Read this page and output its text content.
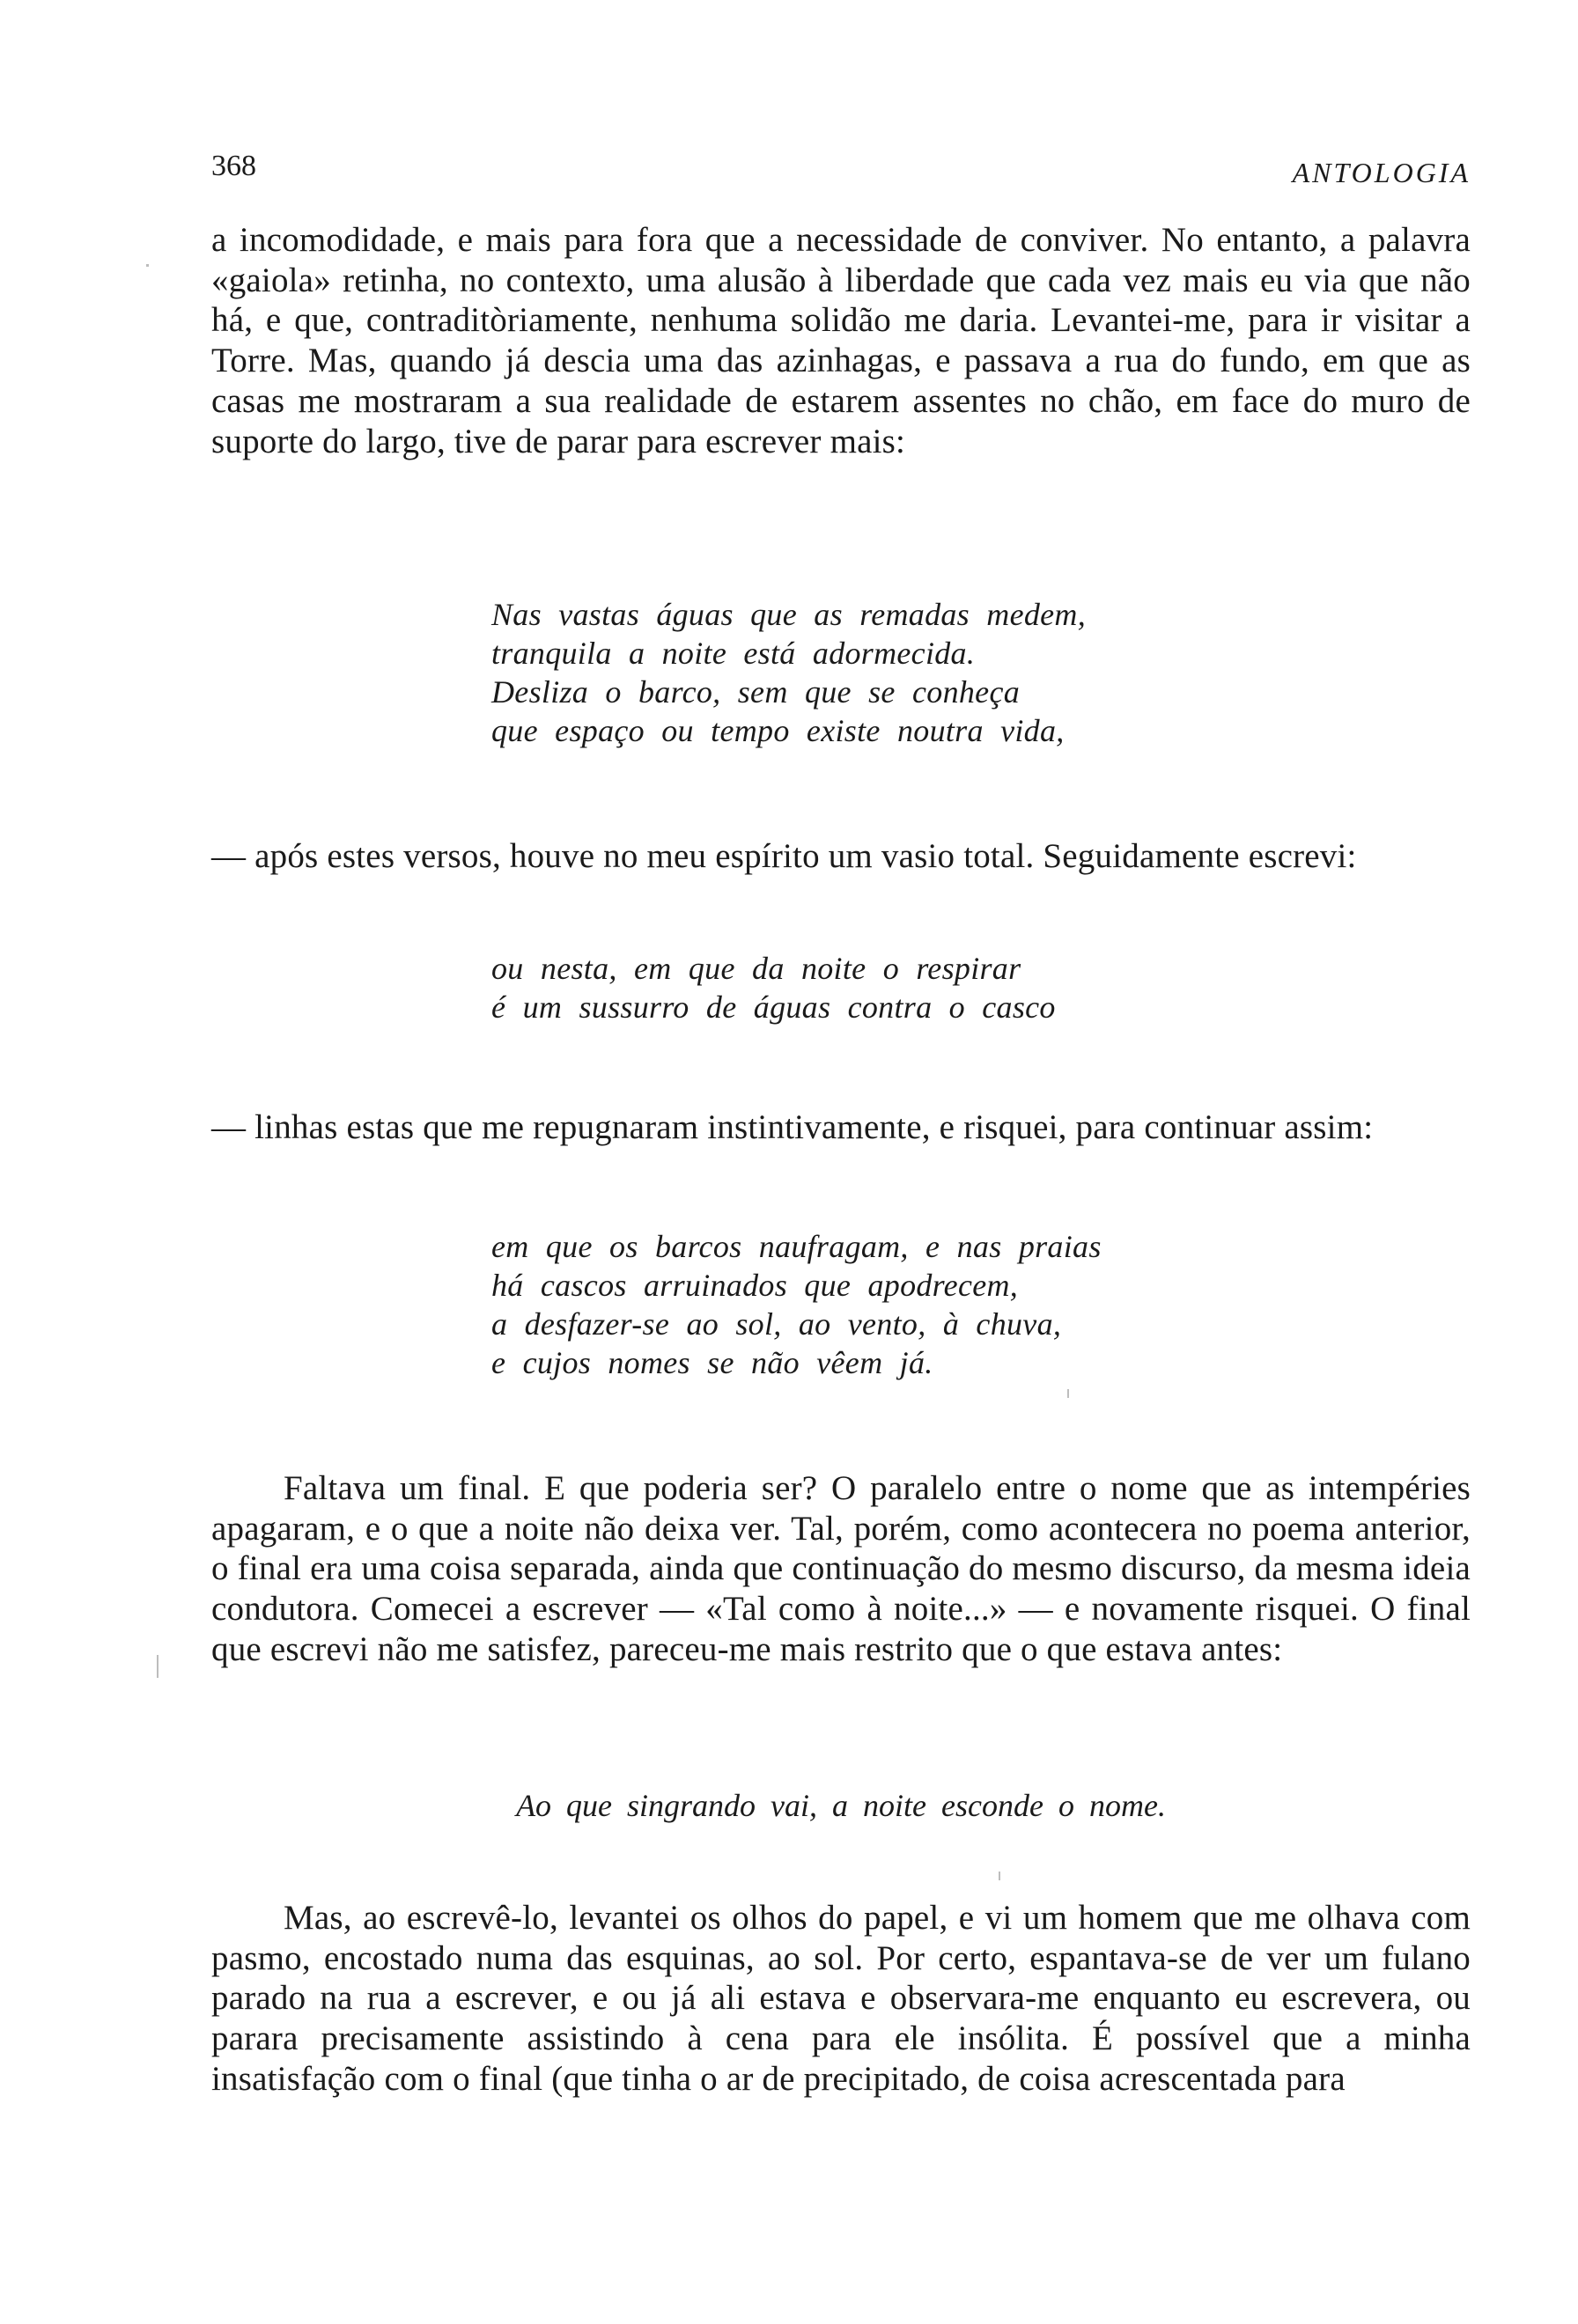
368	ANTOLOGIA

a incomodidade, e mais para fora que a necessidade de conviver. No entanto, a palavra «gaiola» retinha, no contexto, uma alusão à liberdade que cada vez mais eu via que não há, e que, contraditòriamente, nenhuma solidão me daria. Levantei-me, para ir visitar a Torre. Mas, quando já descia uma das azinhagas, e passava a rua do fundo, em que as casas me mostraram a sua realidade de estarem assentes no chão, em face do muro de suporte do largo, tive de parar para escrever mais:

Nas vastas águas que as remadas medem,
tranquila a noite está adormecida.
Desliza o barco, sem que se conheça
que espaço ou tempo existe noutra vida,

— após estes versos, houve no meu espírito um vasio total. Seguidamente escrevi:

ou nesta, em que da noite o respirar
é um sussurro de águas contra o casco

— linhas estas que me repugnaram instintivamente, e risquei, para continuar assim:

em que os barcos naufragam, e nas praias
há cascos arruinados que apodrecem,
a desfazer-se ao sol, ao vento, à chuva,
e cujos nomes se não vêem já.

Faltava um final. E que poderia ser? O paralelo entre o nome que as intempéries apagaram, e o que a noite não deixa ver. Tal, porém, como acontecera no poema anterior, o final era uma coisa separada, ainda que continuação do mesmo discurso, da mesma ideia condutora. Comecei a escrever — «Tal como à noite...» — e novamente risquei. O final que escrevi não me satisfez, pareceu-me mais restrito que o que estava antes:

Ao que singrando vai, a noite esconde o nome.

Mas, ao escrevê-lo, levantei os olhos do papel, e vi um homem que me olhava com pasmo, encostado numa das esquinas, ao sol. Por certo, espantava-se de ver um fulano parado na rua a escrever, e ou já ali estava e observara-me enquanto eu escrevera, ou parara precisamente assistindo à cena para ele insólita. É possível que a minha insatisfação com o final (que tinha o ar de precipitado, de coisa acrescentada para
